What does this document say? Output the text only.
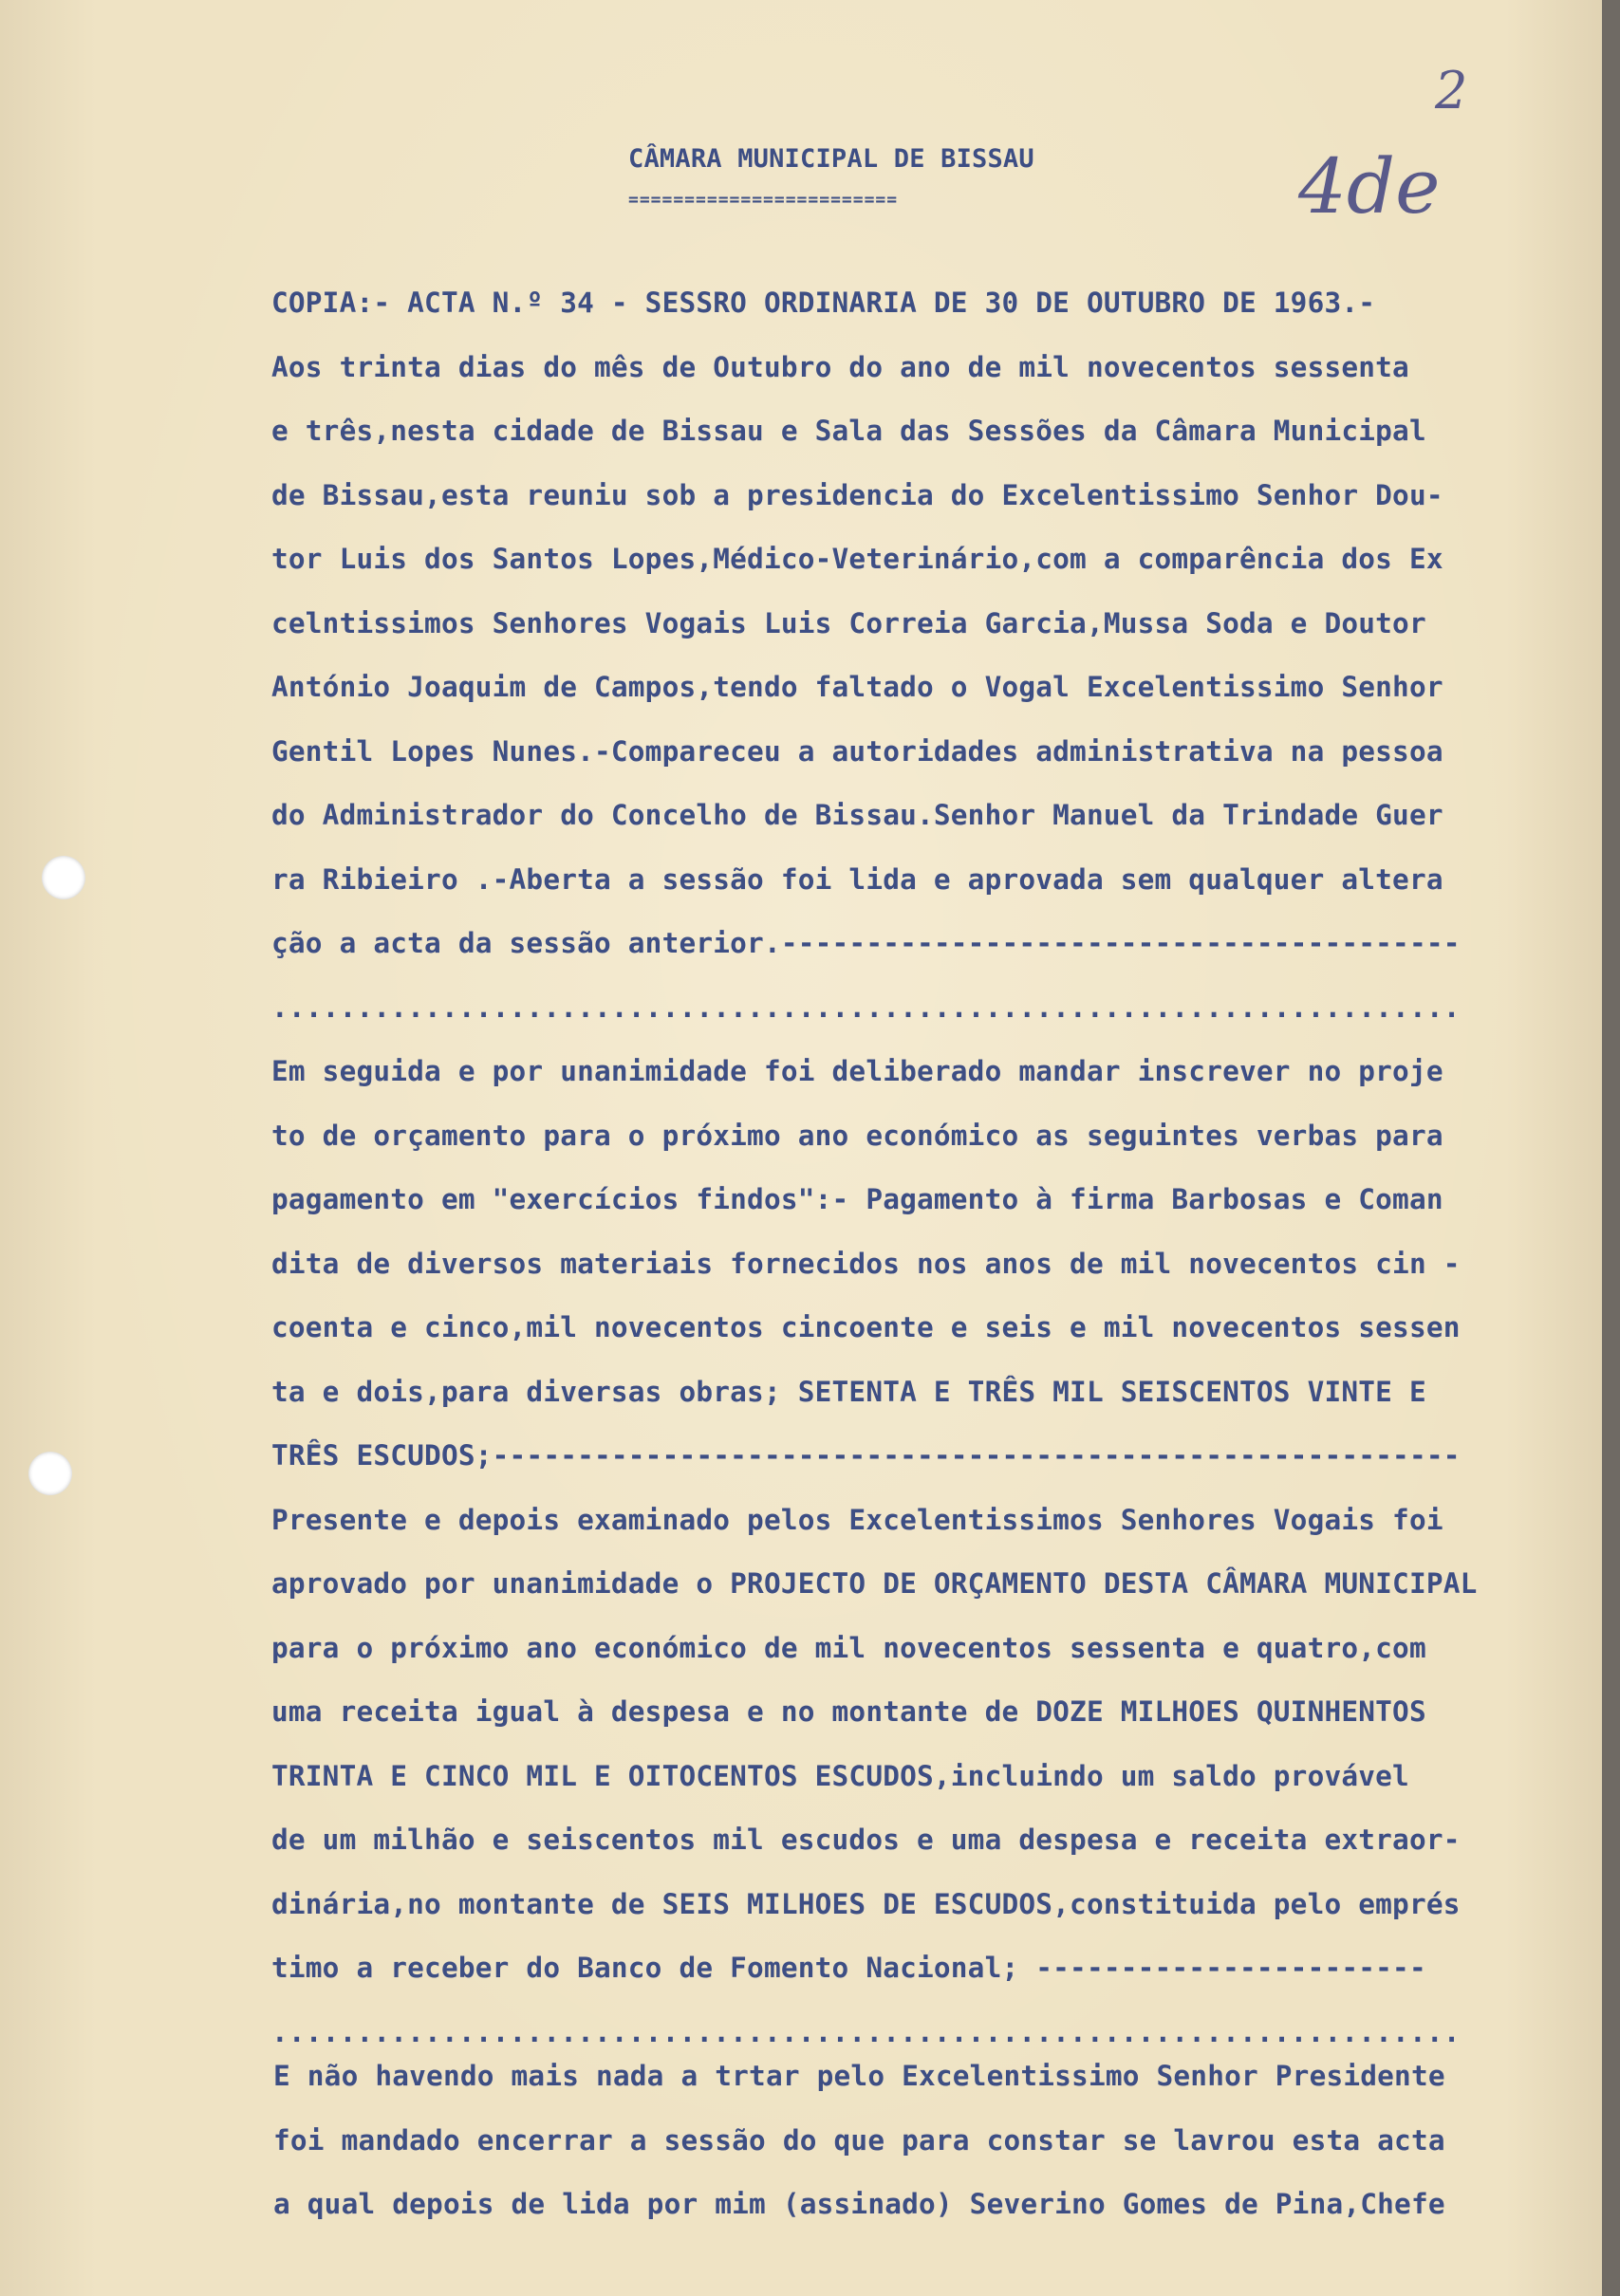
2
4de
CÂMARA MUNICIPAL DE BISSAU
========================
COPIA:- ACTA N.º 34 - SESSRO ORDINARIA DE 30 DE OUTUBRO DE 1963.-
Aos trinta dias do mês de Outubro do ano de mil novecentos sessenta
e três,nesta cidade de Bissau e Sala das Sessões da Câmara Municipal
de Bissau,esta reuniu sob a presidencia do Excelentissimo Senhor Dou-
tor Luis dos Santos Lopes,Médico-Veterinário,com a comparência dos Ex
celntissimos Senhores Vogais Luis Correia Garcia,Mussa Soda e Doutor
António Joaquim de Campos,tendo faltado o Vogal Excelentissimo Senhor
Gentil Lopes Nunes.-Compareceu a autoridades administrativa na pessoa
do Administrador do Concelho de Bissau.Senhor Manuel da Trindade Guer
ra Ribieiro .-Aberta a sessão foi lida e aprovada sem qualquer altera
ção a acta da sessão anterior.----------------------------------------
......................................................................
Em seguida e por unanimidade foi deliberado mandar inscrever no proje
to de orçamento para o próximo ano económico as seguintes verbas para
pagamento em "exercícios findos":- Pagamento à firma Barbosas e Coman
dita de diversos materiais fornecidos nos anos de mil novecentos cin -
coenta e cinco,mil novecentos cincoente e seis e mil novecentos sessen
ta e dois,para diversas obras; SETENTA E TRÊS MIL SEISCENTOS VINTE E
TRÊS ESCUDOS;---------------------------------------------------------
Presente e depois examinado pelos Excelentissimos Senhores Vogais foi
aprovado por unanimidade o PROJECTO DE ORÇAMENTO DESTA CÂMARA MUNICIPAL
para o próximo ano económico de mil novecentos sessenta e quatro,com
uma receita igual à despesa e no montante de DOZE MILHOES QUINHENTOS
TRINTA E CINCO MIL E OITOCENTOS ESCUDOS,incluindo um saldo provável
de um milhão e seiscentos mil escudos e uma despesa e receita extraor-
dinária,no montante de SEIS MILHOES DE ESCUDOS,constituida pelo emprés
timo a receber do Banco de Fomento Nacional; -----------------------
......................................................................
E não havendo mais nada a trtar pelo Excelentissimo Senhor Presidente
foi mandado encerrar a sessão do que para constar se lavrou esta acta
a qual depois de lida por mim (assinado) Severino Gomes de Pina,Chefe
